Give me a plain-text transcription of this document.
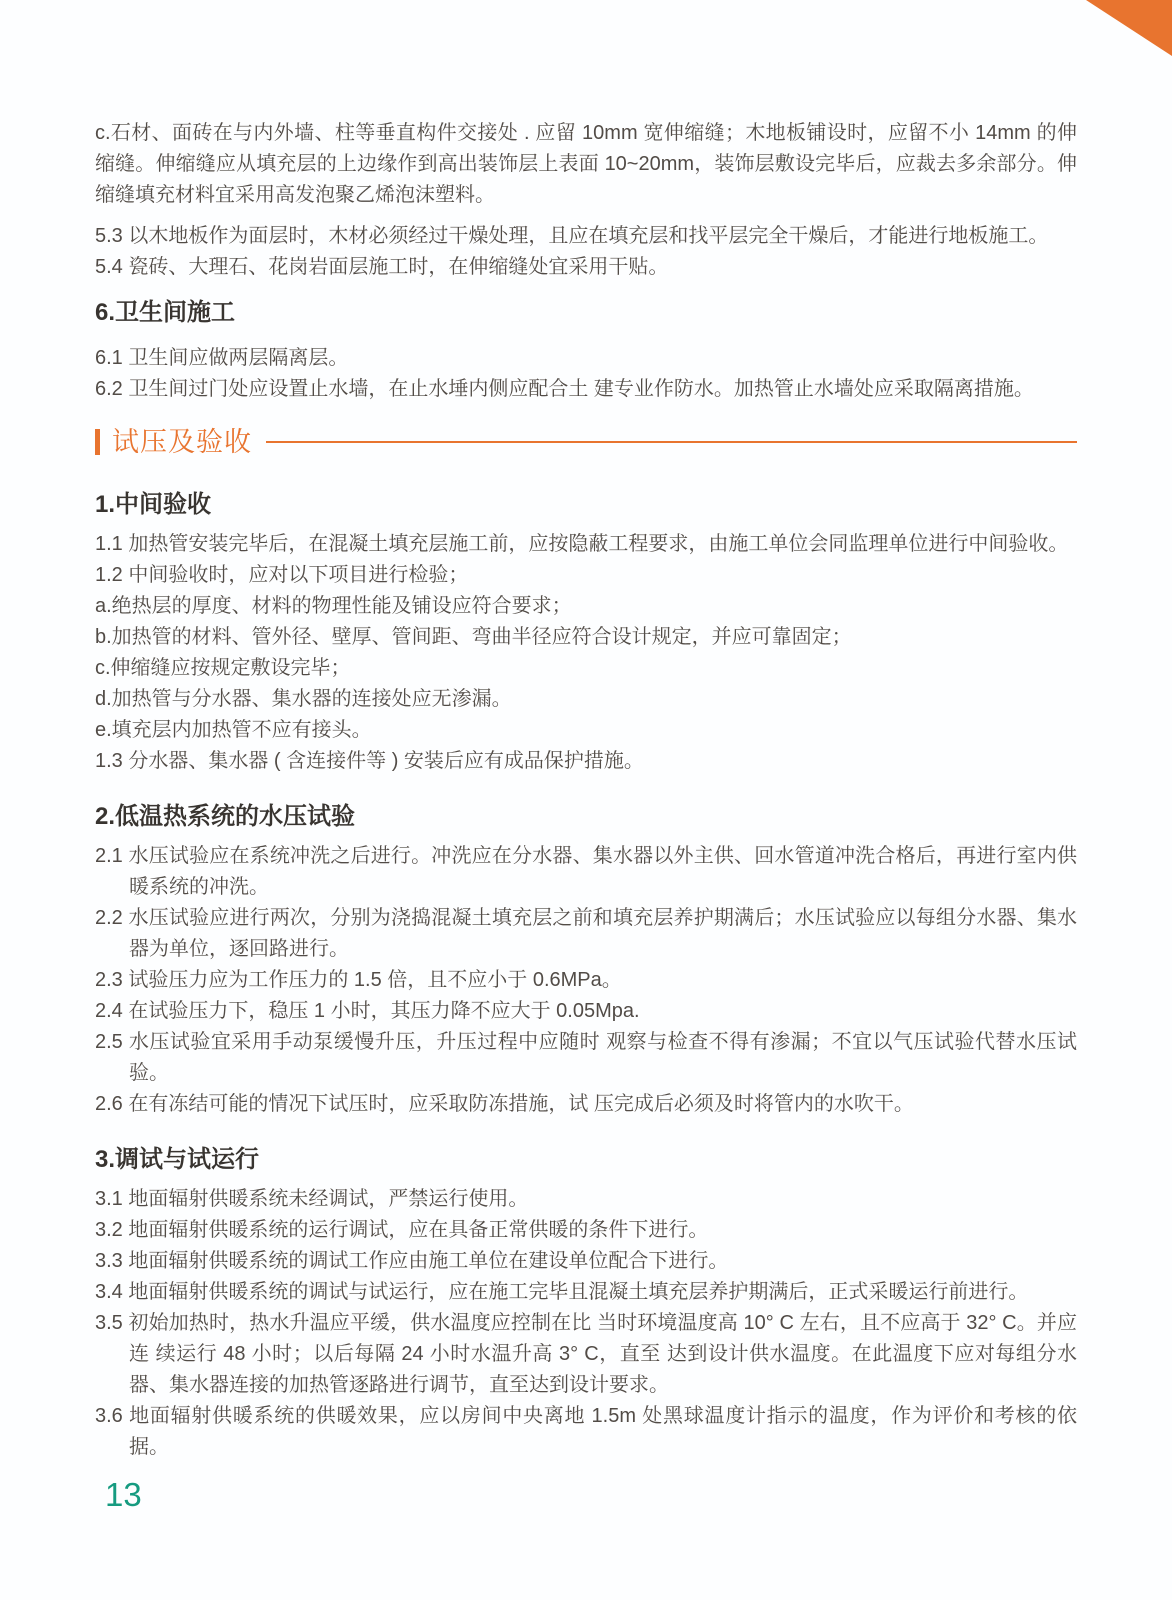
c.石材、面砖在与内外墙、柱等垂直构件交接处 . 应留 10mm 宽伸缩缝；木地板铺设时，应留不小 14mm 的伸缩缝。伸缩缝应从填充层的上边缘作到高出装饰层上表面 10~20mm，装饰层敷设完毕后，应裁去多余部分。伸缩缝填充材料宜采用高发泡聚乙烯泡沫塑料。

5.3 以木地板作为面层时，木材必须经过干燥处理，且应在填充层和找平层完全干燥后，才能进行地板施工。

5.4 瓷砖、大理石、花岗岩面层施工时，在伸缩缝处宜采用干贴。

6.卫生间施工

6.1 卫生间应做两层隔离层。

6.2 卫生间过门处应设置止水墙，在止水埵内侧应配合土 建专业作防水。加热管止水墙处应采取隔离措施。

试压及验收
1.中间验收

1.1 加热管安装完毕后，在混凝土填充层施工前，应按隐蔽工程要求，由施工单位会同监理单位进行中间验收。

1.2 中间验收时，应对以下项目进行检验；

a.绝热层的厚度、材料的物理性能及铺设应符合要求；

b.加热管的材料、管外径、壁厚、管间距、弯曲半径应符合设计规定，并应可靠固定；

c.伸缩缝应按规定敷设完毕；

d.加热管与分水器、集水器的连接处应无渗漏。

e.填充层内加热管不应有接头。

1.3 分水器、集水器 ( 含连接件等 ) 安装后应有成品保护措施。

2.低温热系统的水压试验

2.1 水压试验应在系统冲洗之后进行。冲洗应在分水器、集水器以外主供、回水管道冲洗合格后，再进行室内供暖系统的冲洗。

2.2 水压试验应进行两次，分别为浇捣混凝土填充层之前和填充层养护期满后；水压试验应以每组分水器、集水器为单位，逐回路进行。

2.3 试验压力应为工作压力的 1.5 倍，且不应小于 0.6MPa。

2.4 在试验压力下，稳压 1 小时，其压力降不应大于 0.05Mpa.

2.5 水压试验宜采用手动泵缓慢升压，升压过程中应随时 观察与检查不得有渗漏；不宜以气压试验代替水压试 验。

2.6 在有冻结可能的情况下试压时，应采取防冻措施，试 压完成后必须及时将管内的水吹干。

3.调试与试运行

3.1 地面辐射供暖系统未经调试，严禁运行使用。

3.2 地面辐射供暖系统的运行调试，应在具备正常供暖的条件下进行。

3.3 地面辐射供暖系统的调试工作应由施工单位在建设单位配合下进行。

3.4 地面辐射供暖系统的调试与试运行，应在施工完毕且混凝土填充层养护期满后，正式采暖运行前进行。

3.5 初始加热时，热水升温应平缓，供水温度应控制在比 当时环境温度高 10° C 左右，且不应高于 32° C。并应连 续运行 48 小时；以后每隔 24 小时水温升高 3° C，直至 达到设计供水温度。在此温度下应对每组分水器、集水器连接的加热管逐路进行调节，直至达到设计要求。

3.6 地面辐射供暖系统的供暖效果，应以房间中央离地 1.5m 处黑球温度计指示的温度，作为评价和考核的依据。

13
